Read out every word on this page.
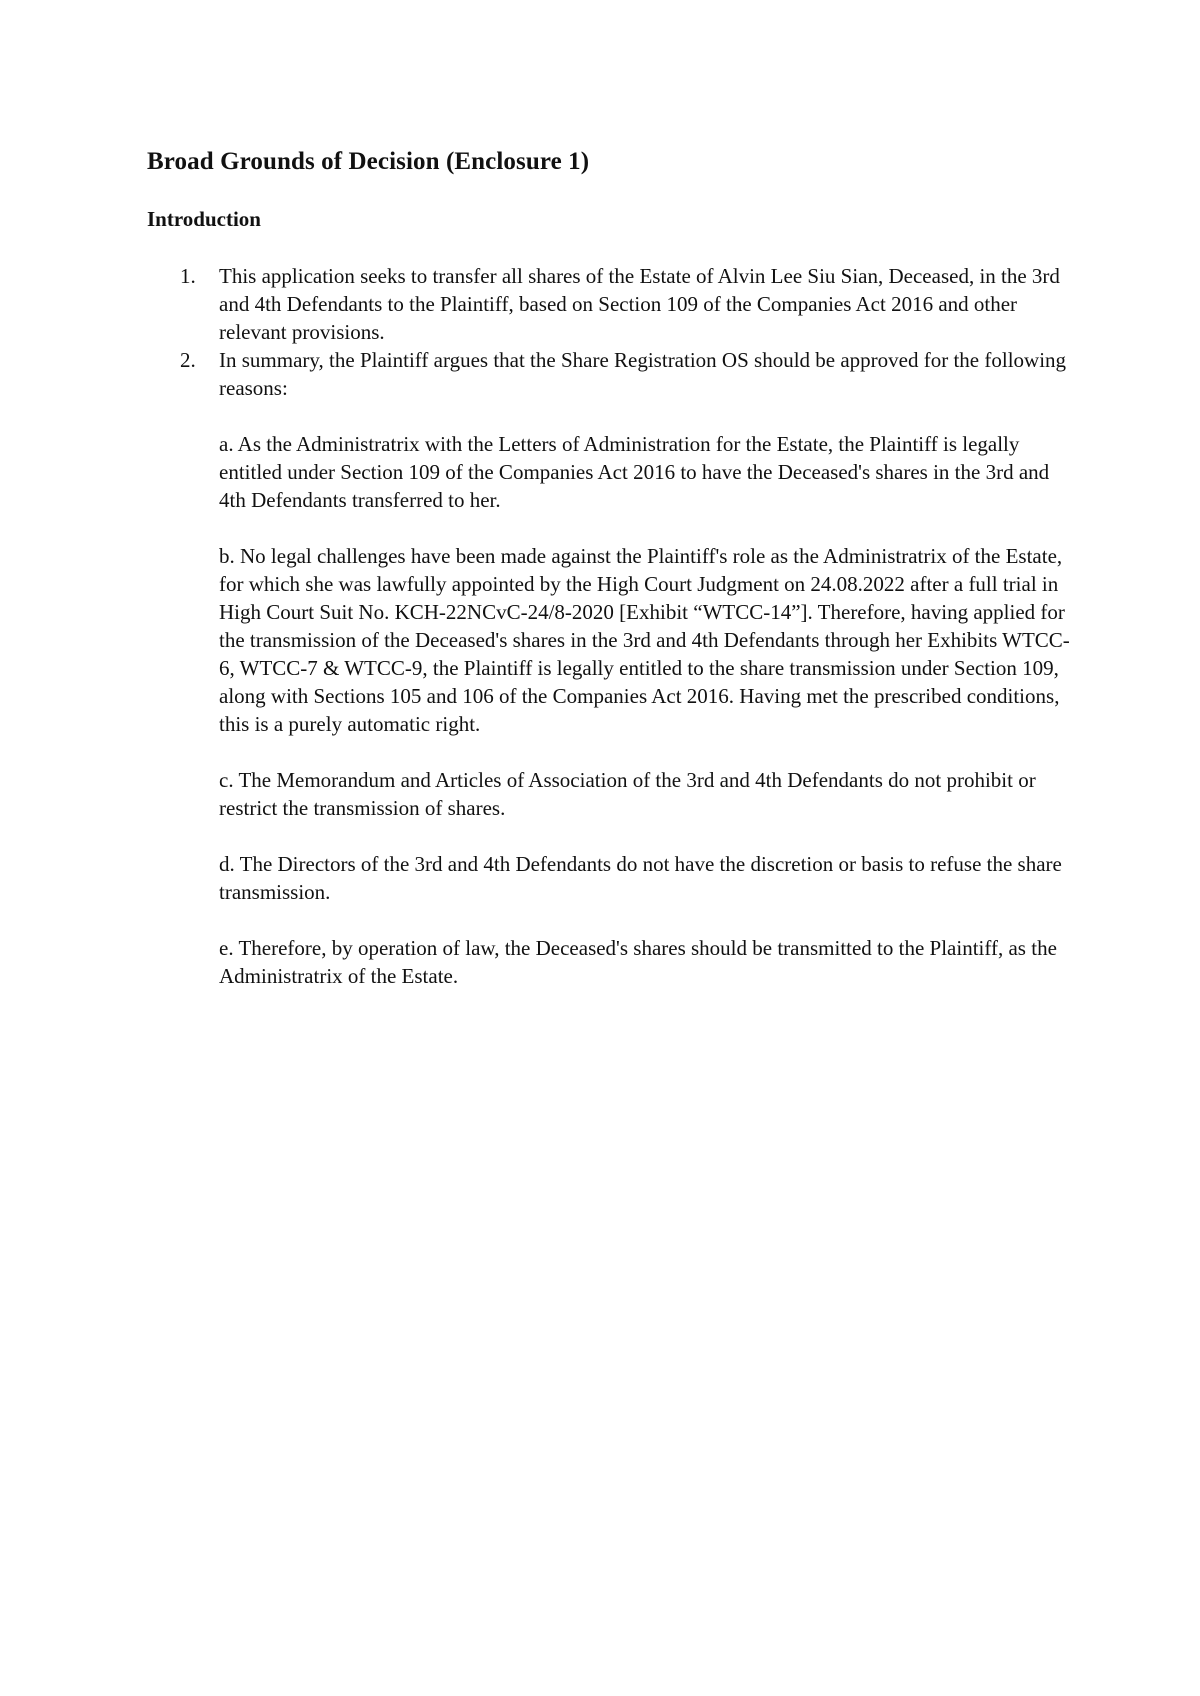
Broad Grounds of Decision (Enclosure 1)
Introduction
1.	This application seeks to transfer all shares of the Estate of Alvin Lee Siu Sian, Deceased, in the 3rd and 4th Defendants to the Plaintiff, based on Section 109 of the Companies Act 2016 and other relevant provisions.

2.	In summary, the Plaintiff argues that the Share Registration OS should be approved for the following reasons:

a. As the Administratrix with the Letters of Administration for the Estate, the Plaintiff is legally entitled under Section 109 of the Companies Act 2016 to have the Deceased's shares in the 3rd and 4th Defendants transferred to her.

b. No legal challenges have been made against the Plaintiff's role as the Administratrix of the Estate, for which she was lawfully appointed by the High Court Judgment on 24.08.2022 after a full trial in High Court Suit No. KCH-22NCvC-24/8-2020 [Exhibit “WTCC-14”]. Therefore, having applied for the transmission of the Deceased's shares in the 3rd and 4th Defendants through her Exhibits WTCC-6, WTCC-7 & WTCC-9, the Plaintiff is legally entitled to the share transmission under Section 109, along with Sections 105 and 106 of the Companies Act 2016. Having met the prescribed conditions, this is a purely automatic right.

c. The Memorandum and Articles of Association of the 3rd and 4th Defendants do not prohibit or restrict the transmission of shares.

d. The Directors of the 3rd and 4th Defendants do not have the discretion or basis to refuse the share transmission.

e. Therefore, by operation of law, the Deceased's shares should be transmitted to the Plaintiff, as the Administratrix of the Estate.
